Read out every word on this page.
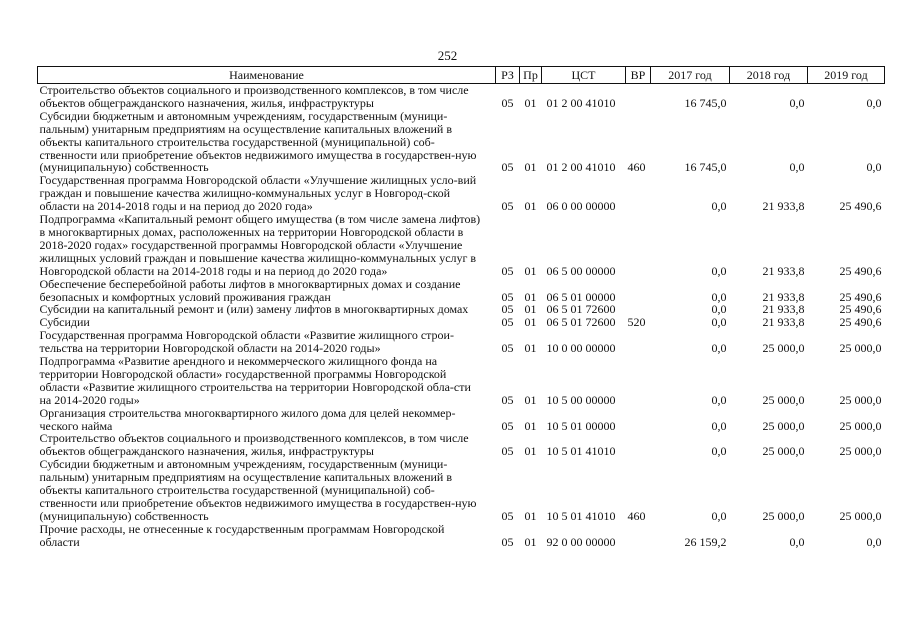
252
Наименование	РЗ	Пр	ЦСТ	ВР	2017 год	2018 год	2019 год
Строительство объектов социального и производственного комплексов, в том числе объектов общегражданского назначения, жилья, инфраструктуры	05	01	01 2 00 41010		16 745,0	0,0	0,0
Субсидии бюджетным и автономным учреждениям, государственным (муници-пальным) унитарным предприятиям на осуществление капитальных вложений в объекты капитального строительства государственной (муниципальной) соб-ственности или приобретение объектов недвижимого имущества в государствен-ную (муниципальную) собственность	05	01	01 2 00 41010	460	16 745,0	0,0	0,0
Государственная программа Новгородской области «Улучшение жилищных усло-вий граждан и повышение качества жилищно-коммунальных услуг в Новгород-ской области на 2014-2018 годы и на период до 2020 года»	05	01	06 0 00 00000		0,0	21 933,8	25 490,6
Подпрограмма «Капитальный ремонт общего имущества (в том числе замена лифтов) в многоквартирных домах, расположенных на территории Новгородской области в 2018-2020 годах» государственной программы Новгородской области «Улучшение жилищных условий граждан и повышение качества жилищно-коммунальных услуг в Новгородской области на 2014-2018 годы и на период до 2020 года»	05	01	06 5 00 00000		0,0	21 933,8	25 490,6
Обеспечение бесперебойной работы лифтов в многоквартирных домах и создание безопасных и комфортных условий проживания граждан	05	01	06 5 01 00000		0,0	21 933,8	25 490,6
Субсидии на капитальный ремонт и (или) замену лифтов в многоквартирных домах	05	01	06 5 01 72600		0,0	21 933,8	25 490,6
Субсидии	05	01	06 5 01 72600	520	0,0	21 933,8	25 490,6
Государственная программа Новгородской области «Развитие жилищного строи-тельства на территории Новгородской области на 2014-2020 годы»	05	01	10 0 00 00000		0,0	25 000,0	25 000,0
Подпрограмма «Развитие арендного и некоммерческого жилищного фонда на территории Новгородской области» государственной программы Новгородской области «Развитие жилищного строительства на территории Новгородской обла-сти на 2014-2020 годы»	05	01	10 5 00 00000		0,0	25 000,0	25 000,0
Организация строительства многоквартирного жилого дома для целей некоммер-ческого найма	05	01	10 5 01 00000		0,0	25 000,0	25 000,0
Строительство объектов социального и производственного комплексов, в том числе объектов общегражданского назначения, жилья, инфраструктуры	05	01	10 5 01 41010		0,0	25 000,0	25 000,0
Субсидии бюджетным и автономным учреждениям, государственным (муници-пальным) унитарным предприятиям на осуществление капитальных вложений в объекты капитального строительства государственной (муниципальной) соб-ственности или приобретение объектов недвижимого имущества в государствен-ную (муниципальную) собственность	05	01	10 5 01 41010	460	0,0	25 000,0	25 000,0
Прочие расходы, не отнесенные к государственным программам Новгородской области	05	01	92 0 00 00000		26 159,2	0,0	0,0
